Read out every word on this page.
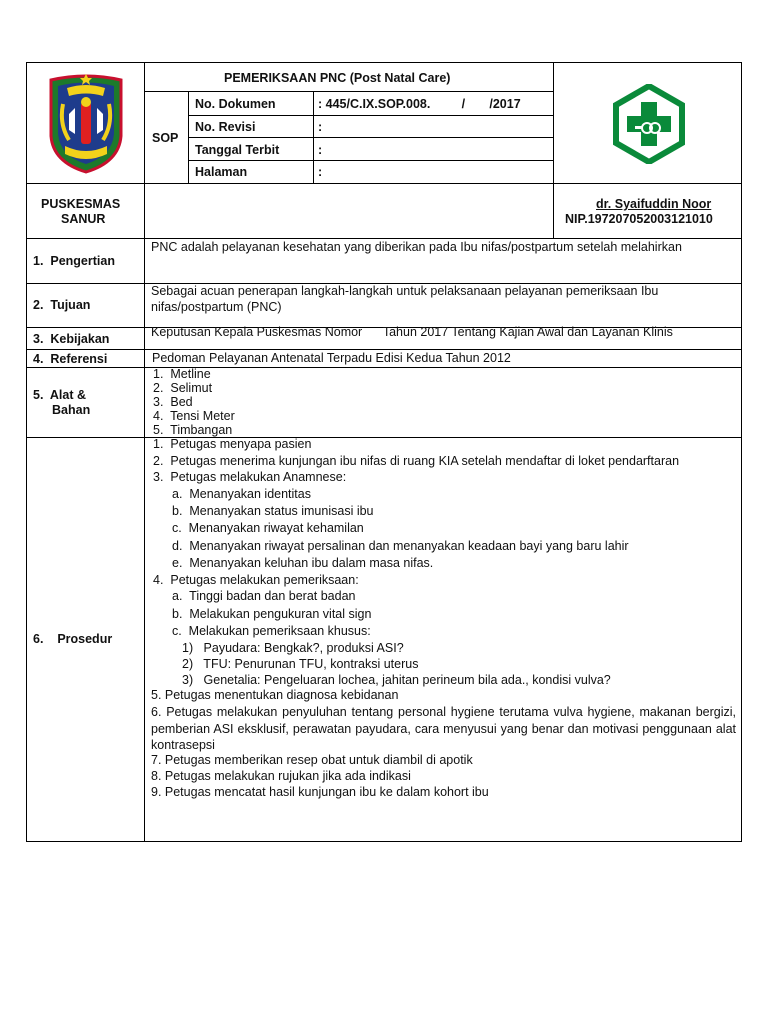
PEMERIKSAAN PNC (Post Natal Care)
SOP
No. Dokumen	: 445/C.IX.SOP.008.         /       /2017
No. Revisi	:
Tanggal Terbit	:
Halaman	:
PUSKESMAS
SANUR
dr. Syaifuddin Noor
NIP.197207052003121010
1.  Pengertian
PNC adalah pelayanan kesehatan yang diberikan pada Ibu nifas/postpartum setelah melahirkan
2.  Tujuan
Sebagai acuan penerapan langkah-langkah untuk pelaksanaan pelayanan pemeriksaan Ibu nifas/postpartum (PNC)
3.  Kebijakan	Keputusan Kepala Puskesmas Nomor      Tahun 2017 Tentang Kajian Awal dan Layanan Klinis
4.  Referensi	Pedoman Pelayanan Antenatal Terpadu Edisi Kedua Tahun 2012
5.  Alat &
Bahan
1.  Metline
2.  Selimut
3.  Bed
4.  Tensi Meter
5.  Timbangan
6.    Prosedur
1.  Petugas menyapa pasien
2.  Petugas menerima kunjungan ibu nifas di ruang KIA setelah mendaftar di loket pendarftaran
3.  Petugas melakukan Anamnese:
a.  Menanyakan identitas
b.  Menanyakan status imunisasi ibu
c.  Menanyakan riwayat kehamilan
d.  Menanyakan riwayat persalinan dan menanyakan keadaan bayi yang baru lahir
e.  Menanyakan keluhan ibu dalam masa nifas.
4.  Petugas melakukan pemeriksaan:
a.  Tinggi badan dan berat badan
b.  Melakukan pengukuran vital sign
c.  Melakukan pemeriksaan khusus:
1)   Payudara: Bengkak?, produksi ASI?
2)   TFU: Penurunan TFU, kontraksi uterus
3)   Genetalia: Pengeluaran lochea, jahitan perineum bila ada., kondisi vulva?
5. Petugas menentukan diagnosa kebidanan
6. Petugas melakukan penyuluhan tentang personal hygiene terutama vulva hygiene, makanan bergizi, pemberian ASI eksklusif, perawatan payudara, cara menyusui yang benar dan motivasi penggunaan alat kontrasepsi
7. Petugas memberikan resep obat untuk diambil di apotik
8. Petugas melakukan rujukan jika ada indikasi
9. Petugas mencatat hasil kunjungan ibu ke dalam kohort ibu
